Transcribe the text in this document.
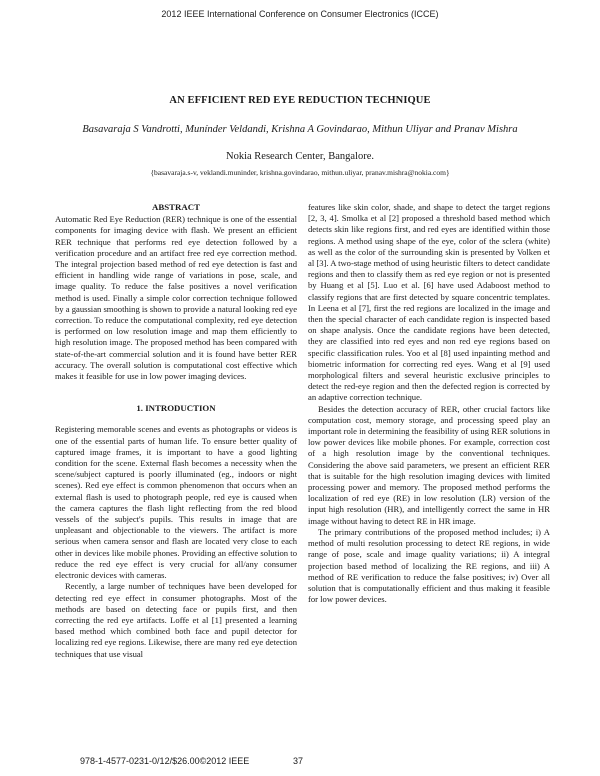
2012 IEEE International Conference on Consumer Electronics (ICCE)
AN EFFICIENT RED EYE REDUCTION TECHNIQUE
Basavaraja S Vandrotti, Munínder Veldandi, Krishna A Govindarao, Mithun Uliyar and Pranav Mishra
Nokia Research Center, Bangalore.
{basavaraja.s-v, veklandi.muninder, krishna.govindarao, mithun.uliyar, pranav.mishra@nokia.com}
ABSTRACT

Automatic Red Eye Reduction (RER) technique is one of the essential components for imaging device with flash. We present an efficient RER technique that performs red eye detection followed by a verification procedure and an artifact free red eye correction method. The integral projection based method of red eye detection is fast and efficient in handling wide range of variations in pose, scale, and image quality. To reduce the false positives a novel verification method is used. Finally a simple color correction technique followed by a gaussian smoothing is shown to provide a natural looking red eye correction. To reduce the computational complexity, red eye detection is performed on low resolution image and map them efficiently to high resolution image. The proposed method has been compared with state-of-the-art commercial solution and it is found have better RER accuracy. The overall solution is computational cost effective which makes it feasible for use in low power imaging devices.

1. INTRODUCTION

Registering memorable scenes and events as photographs or videos is one of the essential parts of human life. To ensure better quality of captured image frames, it is important to have a good lighting condition for the scene. External flash becomes a necessity when the scene/subject captured is poorly illuminated (eg., indoors or night scenes). Red eye effect is common phenomenon that occurs when an external flash is used to photograph people, red eye is caused when the camera captures the flash light reflecting from the red blood vessels of the subject's pupils. This results in image that are unpleasant and objectionable to the viewers. The artifact is more serious when camera sensor and flash are located very close to each other in devices like mobile phones. Providing an effective solution to reduce the red eye effect is very crucial for all/any consumer electronic devices with cameras.

Recently, a large number of techniques have been developed for detecting red eye effect in consumer photographs. Most of the methods are based on detecting face or pupils first, and then correcting the red eye artifacts. Loffe et al [1] presented a learning based method which combined both face and pupil detector for localizing red eye regions. Likewise, there are many red eye detection techniques that use visual

features like skin color, shade, and shape to detect the target regions [2, 3, 4]. Smolka et al [2] proposed a threshold based method which detects skin like regions first, and red eyes are identified within those regions. A method using shape of the eye, color of the sclera (white) as well as the color of the surrounding skin is presented by Volken et al [3]. A two-stage method of using heuristic filters to detect candidate regions and then to classify them as red eye region or not is presented by Huang et al [5]. Luo et al. [6] have used Adaboost method to classify regions that are first detected by square concentric templates. In Leena et al [7], first the red regions are localized in the image and then the special character of each candidate region is inspected based on shape analysis. Once the candidate regions have been detected, they are classified into red eyes and non red eye regions based on specific classification rules. Yoo et al [8] used inpainting method and biometric information for correcting red eyes. Wang et al [9] used morphological filters and several heuristic exclusive principles to detect the red-eye region and then the defected region is corrected by an adaptive correction technique.

Besides the detection accuracy of RER, other crucial factors like computation cost, memory storage, and processing speed play an important role in determining the feasibility of using RER solutions in low power devices like mobile phones. For example, correction cost of a high resolution image by the conventional techniques. Considering the above said parameters, we present an efficient RER that is suitable for the high resolution imaging devices with limited processing power and memory. The proposed method performs the localization of red eye (RE) in low resolution (LR) version of the input high resolution (HR), and intelligently correct the same in HR image without having to detect RE in HR image.

The primary contributions of the proposed method includes; i) A method of multi resolution processing to detect RE regions, in wide range of pose, scale and image quality variations; ii) A integral projection based method of localizing the RE regions, and iii) A method of RE verification to reduce the false positives; iv) Over all solution that is computationally efficient and thus making it feasible for low power devices.

978-1-4577-0231-0/12/$26.00©2012 IEEE	37
